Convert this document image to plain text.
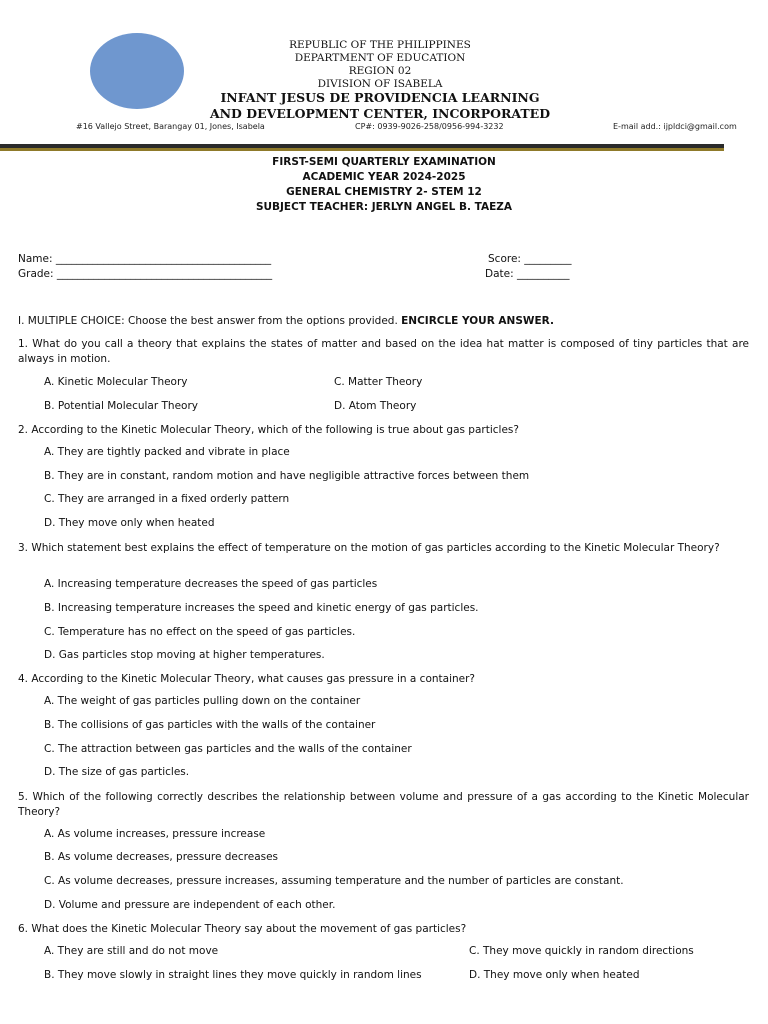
REPUBLIC OF THE PHILIPPINES
DEPARTMENT OF EDUCATION
REGION 02
DIVISION OF ISABELA
INFANT JESUS DE PROVIDENCIA LEARNING
AND DEVELOPMENT CENTER, INCORPORATED
#16 Vallejo Street, Barangay 01, Jones, Isabela	CP#: 0939-9026-258/0956-994-3232	E-mail add.: ijpldci@gmail.com
FIRST-SEMI QUARTERLY EXAMINATION
ACADEMIC YEAR 2024-2025
GENERAL CHEMISTRY 2- STEM 12
SUBJECT TEACHER: JERLYN ANGEL B. TAEZA
Name: _________________________________________	Score: _________
Grade: _________________________________________	Date: __________
I. MULTIPLE CHOICE: Choose the best answer from the options provided. ENCIRCLE YOUR ANSWER.
1. What do you call a theory that explains the states of matter and based on the idea hat matter is composed of tiny particles that are always in motion.
A. Kinetic Molecular Theory	C. Matter Theory
B. Potential Molecular Theory	D. Atom Theory
2. According to the Kinetic Molecular Theory, which of the following is true about gas particles?
A. They are tightly packed and vibrate in place
B. They are in constant, random motion and have negligible attractive forces between them
C. They are arranged in a fixed orderly pattern
D. They move only when heated
3. Which statement best explains the effect of temperature on the motion of gas particles according to the Kinetic Molecular Theory?
A. Increasing temperature decreases the speed of gas particles
B. Increasing temperature increases the speed and kinetic energy of gas particles.
C. Temperature has no effect on the speed of gas particles.
D. Gas particles stop moving at higher temperatures.
4. According to the Kinetic Molecular Theory, what causes gas pressure in a container?
A. The weight of gas particles pulling down on the container
B. The collisions of gas particles with the walls of the container
C. The attraction between gas particles and the walls of the container
D. The size of gas particles.
5. Which of the following correctly describes the relationship between volume and pressure of a gas according to the Kinetic Molecular Theory?
A. As volume increases, pressure increase
B. As volume decreases, pressure decreases
C. As volume decreases, pressure increases, assuming temperature and the number of particles are constant.
D. Volume and pressure are independent of each other.
6. What does the Kinetic Molecular Theory say about the movement of gas particles?
A. They are still and do not move	C. They move quickly in random directions
B. They move slowly in straight lines they move quickly in random lines	D. They move only when heated
